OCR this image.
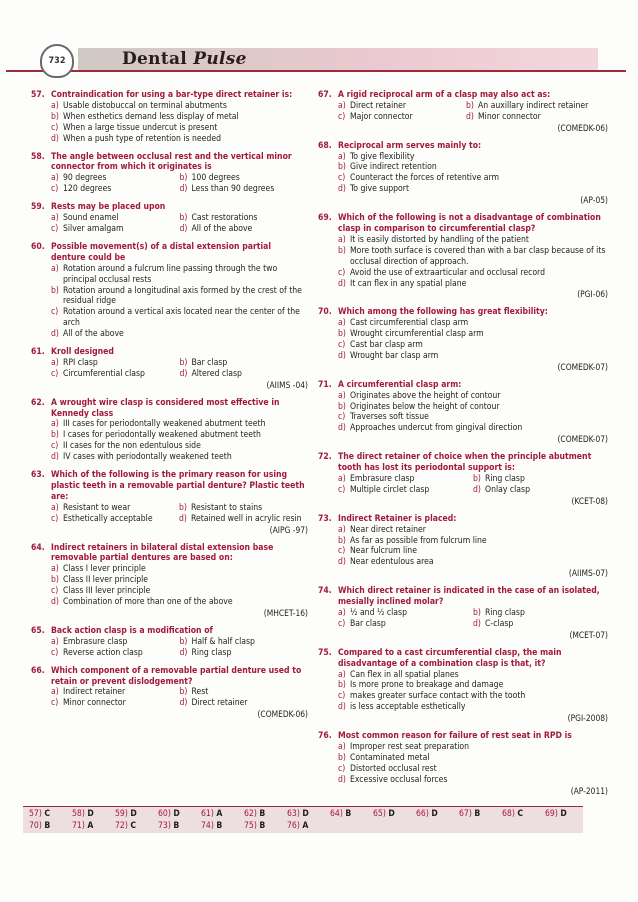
732	Dental Pulse
57. Contraindication for using a bar-type direct retainer is:
a) Usable distobuccal on terminal abutments
b) When esthetics demand less display of metal
c) When a large tissue undercut is present
d) When a push type of retention is needed
58. The angle between occlusal rest and the vertical minor connector from which it originates is
a) 90 degrees	b) 100 degrees
c) 120 degrees	d) Less than 90 degrees
59. Rests may be placed upon
a) Sound enamel	b) Cast restorations
c) Silver amalgam	d) All of the above
60. Possible movement(s) of a distal extension partial denture could be
a) Rotation around a fulcrum line passing through the two principal occlusal rests
b) Rotation around a longitudinal axis formed by the crest of the residual ridge
c) Rotation around a vertical axis located near the center of the arch
d) All of the above
61. Kroll designed
a) RPI clasp	b) Bar clasp
c) Circumferential clasp	d) Altered clasp
(AIIMS -04)
62. A wrought wire clasp is considered most effective in Kennedy class
a) III cases for periodontally weakened abutment teeth
b) I cases for periodontally weakened abutment teeth
c) II cases for the non edentulous side
d) IV cases with periodontally weakened teeth
63. Which of the following is the primary reason for using plastic teeth in a removable partial denture? Plastic teeth are:
a) Resistant to wear	b) Resistant to stains
c) Esthetically acceptable	d) Retained well in acrylic resin
(AIPG -97)
64. Indirect retainers in bilateral distal extension base removable partial dentures are based on:
a) Class I lever principle
b) Class II lever principle
c) Class III lever principle
d) Combination of more than one of the above
(MHCET-16)
65. Back action clasp is a modification of
a) Embrasure clasp	b) Half & half clasp
c) Reverse action clasp	d) Ring clasp
66. Which component of a removable partial denture used to retain or prevent dislodgement?
a) Indirect retainer	b) Rest
c) Minor connector	d) Direct retainer
(COMEDK-06)
67. A rigid reciprocal arm of a clasp may also act as:
a) Direct retainer	b) An auxillary indirect retainer
c) Major connector	d) Minor connector
(COMEDK-06)
68. Reciprocal arm serves mainly to:
a) To give flexibility
b) Give indirect retention
c) Counteract the forces of retentive arm
d) To give support
(AP-05)
69. Which of the following is not a disadvantage of combination clasp in comparison to circumferential clasp?
a) It is easily distorted by handling of the patient
b) More tooth surface is covered than with a bar clasp because of its occlusal direction of approach.
c) Avoid the use of extraarticular and occlusal record
d) It can flex in any spatial plane
(PGI-06)
70. Which among the following has great flexibility:
a) Cast circumferential clasp arm
b) Wrought circumferential clasp arm
c) Cast bar clasp arm
d) Wrought bar clasp arm
(COMEDK-07)
71. A circumferential clasp arm:
a) Originates above the height of contour
b) Originates below the height of contour
c) Traverses soft tissue
d) Approaches undercut from gingival direction
(COMEDK-07)
72. The direct retainer of choice when the principle abutment tooth has lost its periodontal support is:
a) Embrasure clasp	b) Ring clasp
c) Multiple circlet clasp	d) Onlay clasp
(KCET-08)
73. Indirect Retainer is placed:
a) Near direct retainer
b) As far as possible from fulcrum line
c) Near fulcrum line
d) Near edentulous area
(AIIMS-07)
74. Which direct retainer is indicated in the case of an isolated, mesially inclined molar?
a) ½ and ½ clasp	b) Ring clasp
c) Bar clasp	d) C-clasp
(MCET-07)
75. Compared to a cast circumferential clasp, the main disadvantage of a combination clasp is that, it?
a) Can flex in all spatial planes
b) Is more prone to breakage and damage
c) makes greater surface contact with the tooth
d) is less acceptable esthetically
(PGI-2008)
76. Most common reason for failure of rest seat in RPD is
a) Improper rest seat preparation
b) Contaminated metal
c) Distorted occlusal rest
d) Excessive occlusal forces
(AP-2011)
57) C	58) D 59) D 60) D 61) A	62) B	63) D 64) B	65) D 66) D 67) B	68) C	69) D
70) B	71) A	72) C	73) B	74) B	75) B	76) A
